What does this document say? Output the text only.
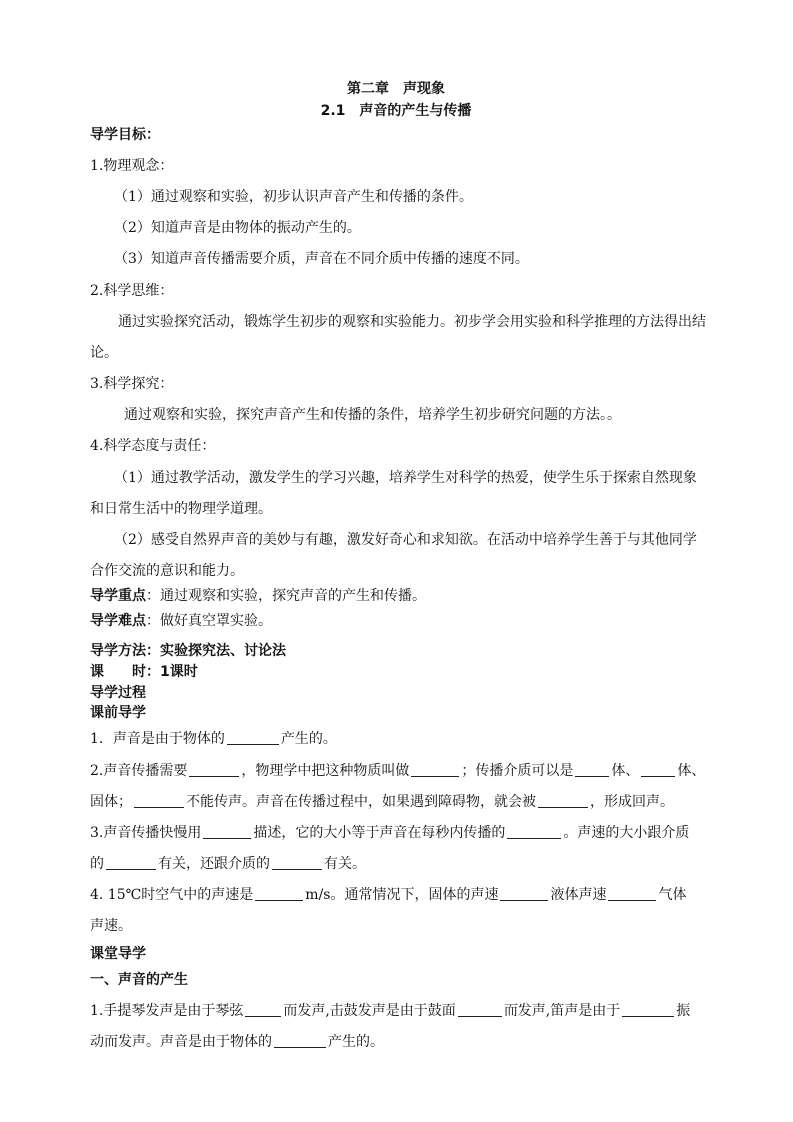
第二章　声现象
2.1　声音的产生与传播
导学目标：
1.物理观念：
（1）通过观察和实验，初步认识声音产生和传播的条件。
（2）知道声音是由物体的振动产生的。
（3）知道声音传播需要介质，声音在不同介质中传播的速度不同。
2.科学思维：
通过实验探究活动，锻炼学生初步的观察和实验能力。初步学会用实验和科学推理的方法得出结
论。
3.科学探究：
通过观察和实验，探究声音产生和传播的条件，培养学生初步研究问题的方法。。
4.科学态度与责任：
（1）通过教学活动，激发学生的学习兴趣，培养学生对科学的热爱，使学生乐于探索自然现象
和日常生活中的物理学道理。
（2）感受自然界声音的美妙与有趣，激发好奇心和求知欲。在活动中培养学生善于与其他同学
合作交流的意识和能力。
导学重点：通过观察和实验，探究声音的产生和传播。
导学难点：做好真空罩实验。
导学方法：实验探究法、讨论法
课　　时：1课时
导学过程
课前导学
1．声音是由于物体的	产生的。
2.声音传播需要	，物理学中把这种物质叫做	；传播介质可以是	体、	体、
固体；	不能传声。声音在传播过程中，如果遇到障碍物，就会被	，形成回声。
3.声音传播快慢用	描述，它的大小等于声音在每秒内传播的	。声速的大小跟介质
的	有关，还跟介质的	有关。
4. 15℃时空气中的声速是	m/s。通常情况下，固体的声速	液体声速	气体
声速。
课堂导学
一、声音的产生
1.手提琴发声是由于琴弦	而发声,击鼓发声是由于鼓面	而发声,笛声是由于	振
动而发声。声音是由于物体的	产生的。
